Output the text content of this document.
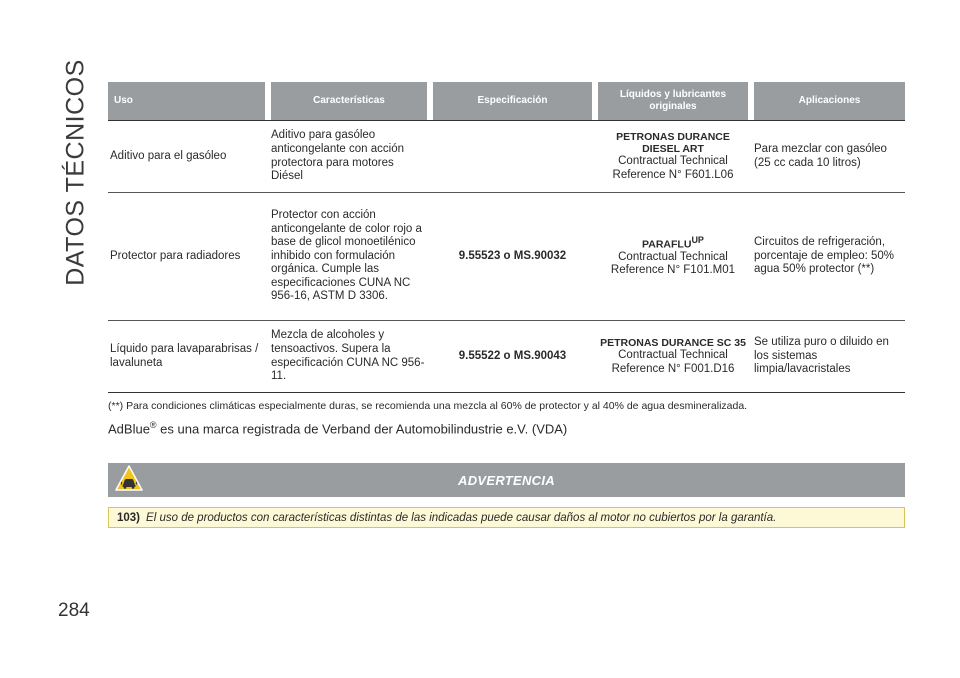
DATOS TÉCNICOS Uso	Características	Especificación	Líquidos y lubricantes originales	Aplicaciones
Aditivo para el gasóleo	Aditivo para gasóleo anticongelante con acción protectora para motores Diésel		PETRONAS DURANCE DIESEL ART
Contractual Technical
Reference N° F601.L06	Para mezclar con gasóleo (25 cc cada 10 litros)
Protector para radiadores	Protector con acción anticongelante de color rojo a base de glicol monoetilénico inhibido con formulación orgánica. Cumple las especificaciones CUNA NC 956-16, ASTM D 3306.	9.55523 o MS.90032	PARAFLUUP
Contractual Technical
Reference N° F101.M01	Circuitos de refrigeración, porcentaje de empleo: 50% agua 50% protector (**)
Líquido para lavaparabrisas / lavaluneta	Mezcla de alcoholes y tensoactivos. Supera la especificación CUNA NC 956-11.	9.55522 o MS.90043	PETRONAS DURANCE SC 35
Contractual Technical
Reference N° F001.D16	Se utiliza puro o diluido en los sistemas limpia/lavacristales
(**) Para condiciones climáticas especialmente duras, se recomienda una mezcla al 60% de protector y al 40% de agua desmineralizada.
AdBlue® es una marca registrada de Verband der Automobilindustrie e.V. (VDA)
ADVERTENCIA
103) El uso de productos con características distintas de las indicadas puede causar daños al motor no cubiertos por la garantía.
284
